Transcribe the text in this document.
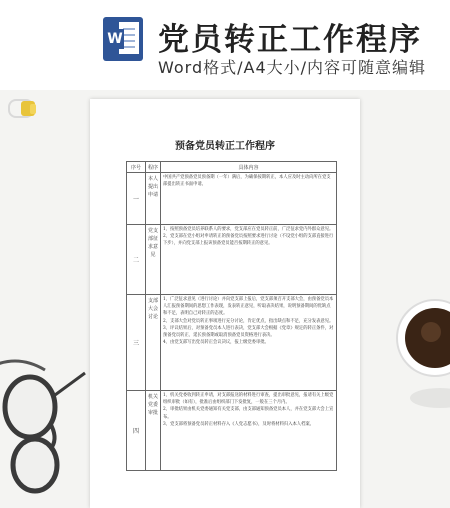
W 党员转正工作程序
Word格式/A4大小/内容可随意编辑
预备党员转正工作程序
序号	程序	具体内容
一	本人提出申请	中国共产党预备党员预备期（一年）满后，为确保按期转正，本人应及时主动向所在党支部提出转正书面申请。

二	党支部征求意见	1、按照预备党员培养联系人的要求，党支部应在党员转正前，广泛征求党内外群众意见。

2、党支部在党小组对申请转正的预备党员按照要求进行讨论（不设党小组的支部直接进行下步），并向党支部上报该预备党员能否按期转正的意见。

三	支部大会讨论	1、广泛征求意见（进行讨论）并向党支部上报后，党支部须召开支部大会，由预备党员本人汇报预备期间的思想工作表现，发表转正意见，听取表决结果，说明预备期间的优缺点和不足，表明自己对转正的态度。

2、支部大会对党员转正事项进行充分讨论，肯定优点，指出缺点和不足，充分发表意见。

3、评议结果后，对预备党员本人进行表决，党支部大会根据《党章》规定的转正条件，对预备党员转正、延长预备期或取消预备党员资格进行表决。

4、由党支部写出党员转正会议决议，报上级党委审批。

四	机关党委审批	1、机关党委收到转正申请，对支部报送的材料进行审查，提出审批意见，报请有关上级党组织审批（如有），批准后由组织部门下发批复，一般在三个月内。

2、审批结果由机关党委通知有关党支部，由支部通知预备党员本人，并在党支部大会上宣布。

3、党支部将预备党员转正材料存入《人党志愿书》，及时将材料归入本人档案。
